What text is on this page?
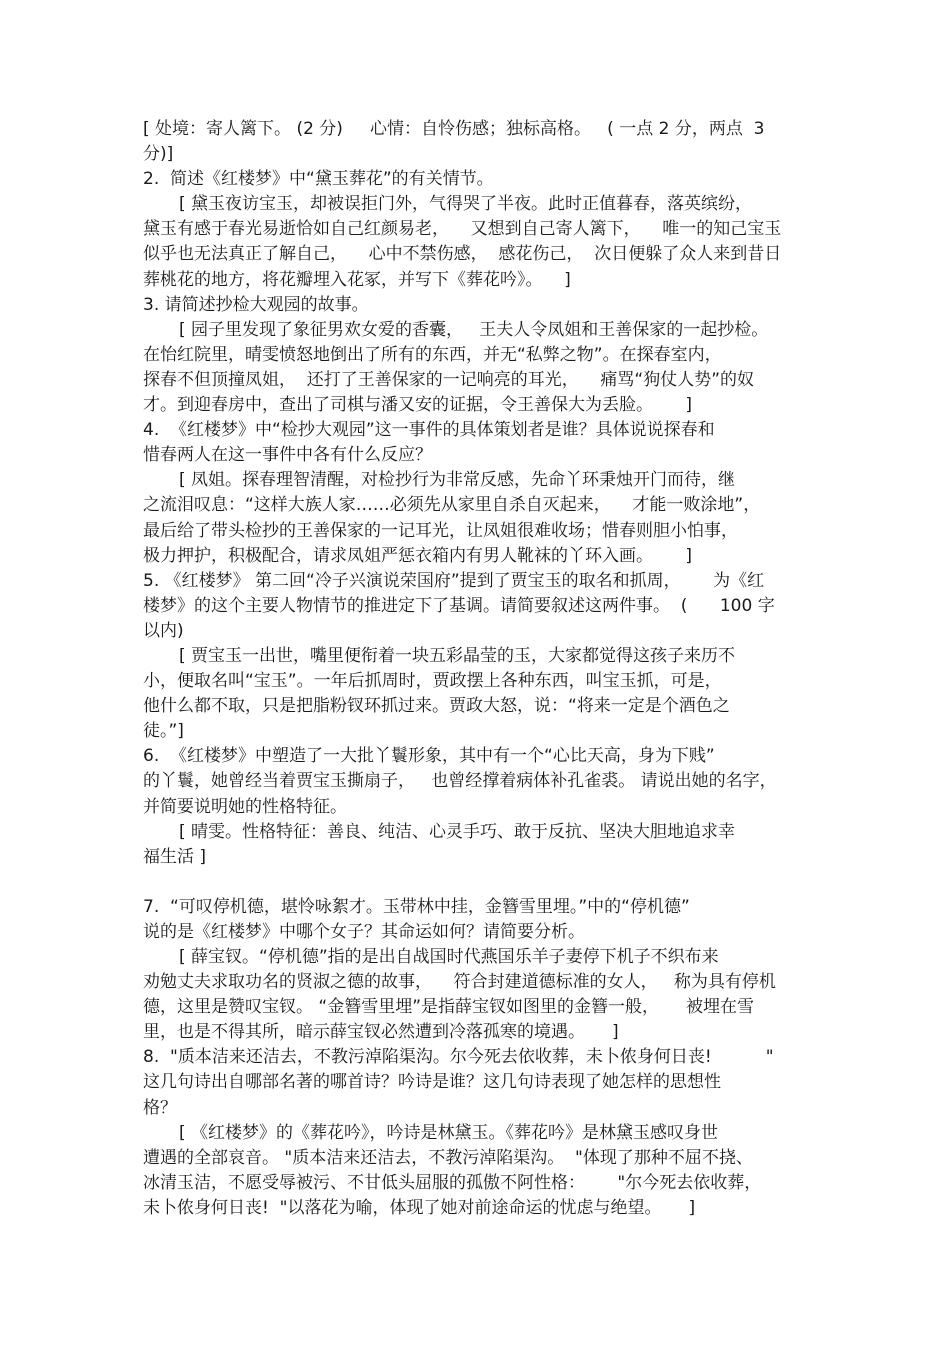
[ 处境：寄人篱下。 (2 分)     心情：自怜伤感；独标高格。   ( 一点 2 分，两点  3
分)]
2.  简述《红楼梦》中“黛玉葬花”的有关情节。
[ 黛玉夜访宝玉，却被误拒门外，气得哭了半夜。此时正值暮春，落英缤纷，
黛玉有感于春光易逝恰如自己红颜易老，    又想到自己寄人篱下，    唯一的知己宝玉
似乎也无法真正了解自己，    心中不禁伤感，  感花伤己，  次日便躲了众人来到昔日
葬桃花的地方，将花瓣埋入花冢，并写下《葬花吟》。    ]
3. 请简述抄检大观园的故事。
[ 园子里发现了象征男欢女爱的香囊，   王夫人令凤姐和王善保家的一起抄检。
在怡红院里，晴雯愤怒地倒出了所有的东西，并无“私弊之物”。在探春室内，
探春不但顶撞凤姐，  还打了王善保家的一记响亮的耳光，    痛骂“狗仗人势”的奴
才。到迎春房中，查出了司棋与潘又安的证据，令王善保大为丢脸。      ]
4.  《红楼梦》中“检抄大观园”这一事件的具体策划者是谁？具体说说探春和
惜春两人在这一事件中各有什么反应？
[ 凤姐。探春理智清醒，对检抄行为非常反感，先命丫环秉烛开门而待，继
之流泪叹息：“这样大族人家……必须先从家里自杀自灭起来，    才能一败涂地”，
最后给了带头检抄的王善保家的一记耳光，让凤姐很难收场；惜春则胆小怕事，
极力押护，积极配合，请求凤姐严惩衣箱内有男人靴袜的丫环入画。      ]
5. 《红楼梦》 第二回“冷子兴演说荣国府”提到了贾宝玉的取名和抓周，      为《红
楼梦》的这个主要人物情节的推进定下了基调。请简要叙述这两件事。  (      100 字
以内)
[ 贾宝玉一出世，嘴里便衔着一块五彩晶莹的玉，大家都觉得这孩子来历不
小，便取名叫“宝玉”。一年后抓周时，贾政摆上各种东西，叫宝玉抓，可是，
他什么都不取，只是把脂粉钗环抓过来。贾政大怒，说：“将来一定是个酒色之
徒。”]
6.  《红楼梦》中塑造了一大批丫鬟形象，其中有一个“心比天高，身为下贱”
的丫鬟，她曾经当着贾宝玉撕扇子，   也曾经撑着病体补孔雀裘。 请说出她的名字，
并简要说明她的性格特征。
[ 晴雯。性格特征：善良、纯洁、心灵手巧、敢于反抗、坚决大胆地追求幸
福生活 ]
7.  “可叹停机德，堪怜咏絮才。玉带林中挂，金簪雪里埋。”中的“停机德”
说的是《红楼梦》中哪个女子？其命运如何？请简要分析。
[ 薛宝钗。“停机德”指的是出自战国时代燕国乐羊子妻停下机子不织布来
劝勉丈夫求取功名的贤淑之德的故事，    符合封建道德标准的女人，   称为具有停机
德，这里是赞叹宝钗。 “金簪雪里埋”是指薛宝钗如图里的金簪一般，     被埋在雪
里，也是不得其所，暗示薛宝钗必然遭到冷落孤寒的境遇。     ]
8.  "质本洁来还洁去，不教污淖陷渠沟。尔今死去依收葬，未卜侬身何日丧!          "
这几句诗出自哪部名著的哪首诗？吟诗是谁？这几句诗表现了她怎样的思想性
格？
[ 《红楼梦》的《葬花吟》，吟诗是林黛玉。《葬花吟》是林黛玉感叹身世
遭遇的全部哀音。 "质本洁来还洁去，不教污淖陷渠沟。  "体现了那种不屈不挠、
冰清玉洁，不愿受辱被污、不甘低头屈服的孤傲不阿性格：      "尔今死去依收葬，
未卜侬身何日丧!  "以落花为喻，体现了她对前途命运的忧虑与绝望。     ]
